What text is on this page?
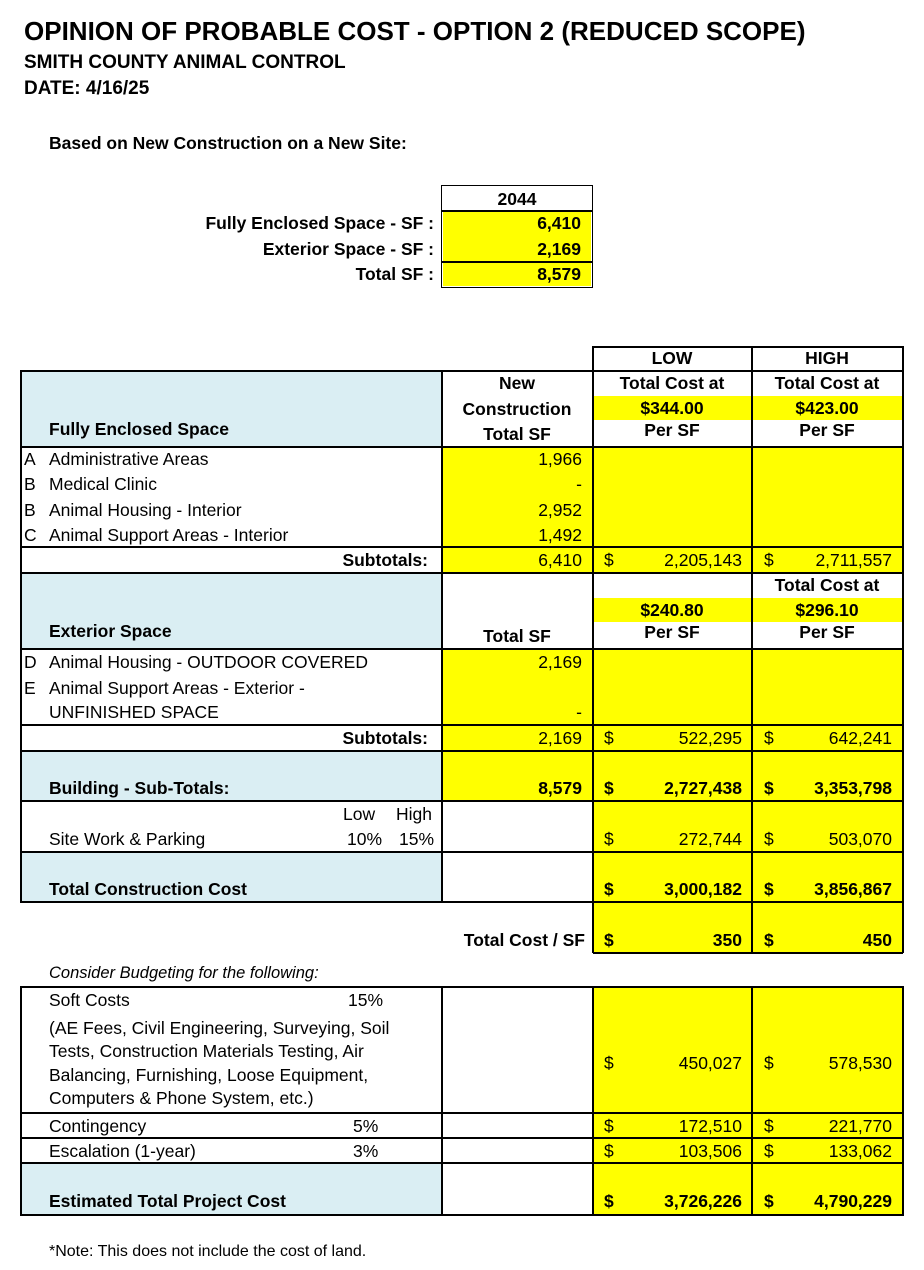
OPINION OF PROBABLE COST - OPTION 2 (REDUCED SCOPE)
SMITH COUNTY ANIMAL CONTROL
DATE: 4/16/25
Based on New Construction on a New Site:
2044
Fully Enclosed Space - SF :	6,410
Exterior Space - SF :	2,169
Total SF :	8,579
LOW	HIGH
New
Construction
Total SF
Total Cost at	Total Cost at
$344.00	$423.00
Per SF	Per SF
Fully Enclosed Space
A Administrative Areas	1,966
B Medical Clinic	-
B Animal Housing - Interior	2,952
C Animal Support Areas - Interior	1,492
Subtotals:	6,410 $	2,205,143 $	2,711,557
Total Cost at
$240.80	$296.10
Per SF	Per SF
Total SF
Exterior Space
D Animal Housing - OUTDOOR COVERED	2,169
E Animal Support Areas - Exterior -
UNFINISHED SPACE	-
Subtotals:	2,169 $	522,295 $	642,241
Building - Sub-Totals:	8,579 $	2,727,438 $	3,353,798
Low High
Site Work & Parking	10% 15%	$	272,744 $	503,070
Total Construction Cost	$	3,000,182 $	3,856,867
Total Cost / SF $	350 $	450
Consider Budgeting for the following:
Soft Costs	15%
(AE Fees, Civil Engineering, Surveying, Soil
Tests, Construction Materials Testing, Air
Balancing, Furnishing, Loose Equipment,
Computers & Phone System, etc.)
$	450,027 $	578,530
Contingency	5%	$	172,510 $	221,770
Escalation (1-year)	3%	$	103,506 $	133,062
Estimated Total Project Cost	$	3,726,226 $	4,790,229
*Note: This does not include the cost of land.
